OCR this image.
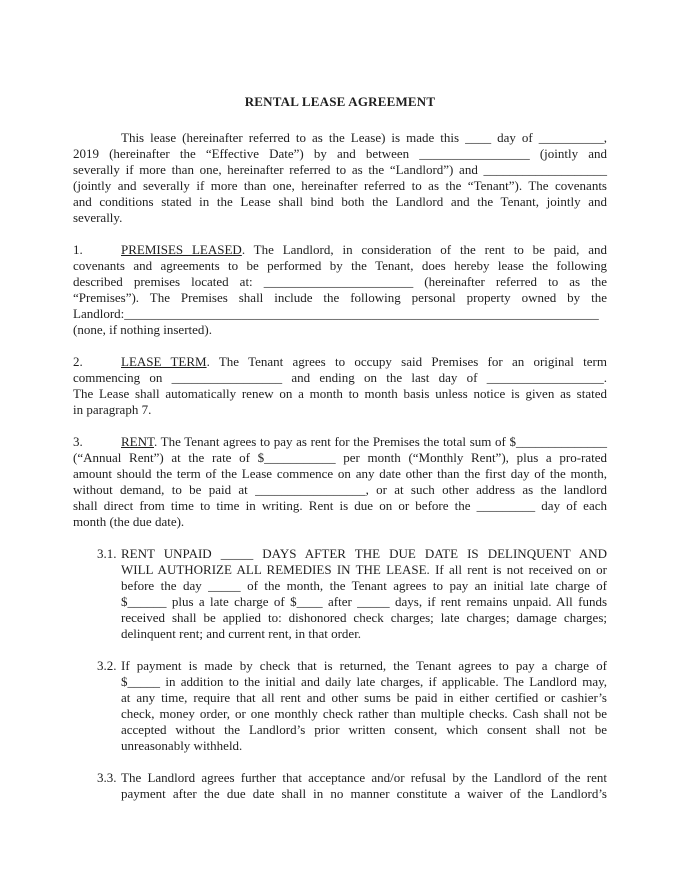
RENTAL LEASE AGREEMENT
This lease (hereinafter referred to as the Lease) is made this ____ day of __________,
2019 (hereinafter the “Effective Date”) by and between _________________ (jointly and
severally if more than one, hereinafter referred to as the “Landlord”) and ___________________
(jointly and severally if more than one, hereinafter referred to as the “Tenant”). The covenants
and conditions stated in the Lease shall bind both the Landlord and the Tenant, jointly and
severally.
1.	PREMISES LEASED. The Landlord, in consideration of the rent to be paid, and
covenants and agreements to be performed by the Tenant, does hereby lease the following
described premises located at: _______________________ (hereinafter referred to as the
“Premises”). The Premises shall include the following personal property owned by the
Landlord:_________________________________________________________________________
(none, if nothing inserted).
2.	LEASE TERM. The Tenant agrees to occupy said Premises for an original term
commencing on _________________ and ending on the last day of __________________.
The Lease shall automatically renew on a month to month basis unless notice is given as stated
in paragraph 7.
3.	RENT. The Tenant agrees to pay as rent for the Premises the total sum of $______________
(“Annual Rent”) at the rate of $___________ per month (“Monthly Rent”), plus a pro-rated
amount should the term of the Lease commence on any date other than the first day of the month,
without demand, to be paid at _________________, or at such other address as the landlord
shall direct from time to time in writing. Rent is due on or before the _________ day of each
month (the due date).
3.1. RENT UNPAID _____ DAYS AFTER THE DUE DATE IS DELINQUENT AND
WILL AUTHORIZE ALL REMEDIES IN THE LEASE. If all rent is not received on or
before the day _____ of the month, the Tenant agrees to pay an initial late charge of
$______ plus a late charge of $____ after _____ days, if rent remains unpaid. All funds
received shall be applied to: dishonored check charges; late charges; damage charges;
delinquent rent; and current rent, in that order.
3.2. If payment is made by check that is returned, the Tenant agrees to pay a charge of
$_____ in addition to the initial and daily late charges, if applicable. The Landlord may,
at any time, require that all rent and other sums be paid in either certified or cashier’s
check, money order, or one monthly check rather than multiple checks. Cash shall not be
accepted without the Landlord’s prior written consent, which consent shall not be
unreasonably withheld.
3.3. The Landlord agrees further that acceptance and/or refusal by the Landlord of the rent
payment after the due date shall in no manner constitute a waiver of the Landlord’s
